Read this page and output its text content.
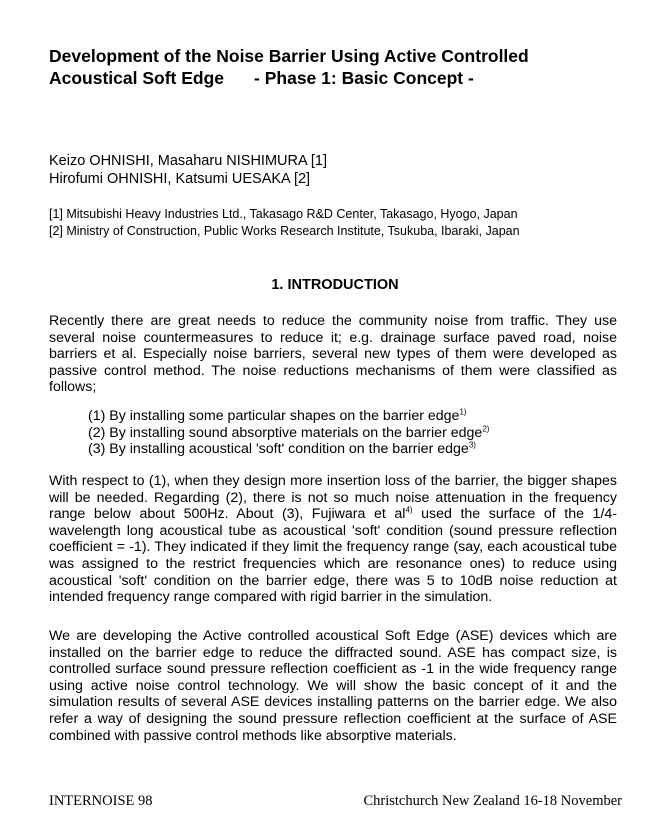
Development of the Noise Barrier Using Active Controlled
Acoustical Soft Edge - Phase 1: Basic Concept -
Keizo OHNISHI, Masaharu NISHIMURA [1]
Hirofumi OHNISHI, Katsumi UESAKA [2]
[1] Mitsubishi Heavy Industries Ltd., Takasago R&D Center, Takasago, Hyogo, Japan
[2] Ministry of Construction, Public Works Research Institute, Tsukuba, Ibaraki, Japan
1. INTRODUCTION

Recently there are great needs to reduce the community noise from traffic. They use several noise countermeasures to reduce it; e.g. drainage surface paved road, noise barriers et al. Especially noise barriers, several new types of them were developed as passive control method. The noise reductions mechanisms of them were classified as follows;

(1) By installing some particular shapes on the barrier edge$^{1)}$
(2) By installing sound absorptive materials on the barrier edge$^{2)}$
(3) By installing acoustical 'soft' condition on the barrier edge$^{3)}$

With respect to (1), when they design more insertion loss of the barrier, the bigger shapes will be needed. Regarding (2), there is not so much noise attenuation in the frequency range below about 500Hz. About (3), Fujiwara et al$^{4)}$ used the surface of the 1/4-wavelength long acoustical tube as acoustical 'soft' condition (sound pressure reflection coefficient = -1). They indicated if they limit the frequency range (say, each acoustical tube was assigned to the restrict frequencies which are resonance ones) to reduce using acoustical 'soft' condition on the barrier edge, there was 5 to 10dB noise reduction at intended frequency range compared with rigid barrier in the simulation.

We are developing the Active controlled acoustical Soft Edge (ASE) devices which are installed on the barrier edge to reduce the diffracted sound. ASE has compact size, is controlled surface sound pressure reflection coefficient as -1 in the wide frequency range using active noise control technology. We will show the basic concept of it and the simulation results of several ASE devices installing patterns on the barrier edge. We also refer a way of designing the sound pressure reflection coefficient at the surface of ASE combined with passive control methods like absorptive materials.

INTERNOISE 98	Christchurch New Zealand 16-18 November
